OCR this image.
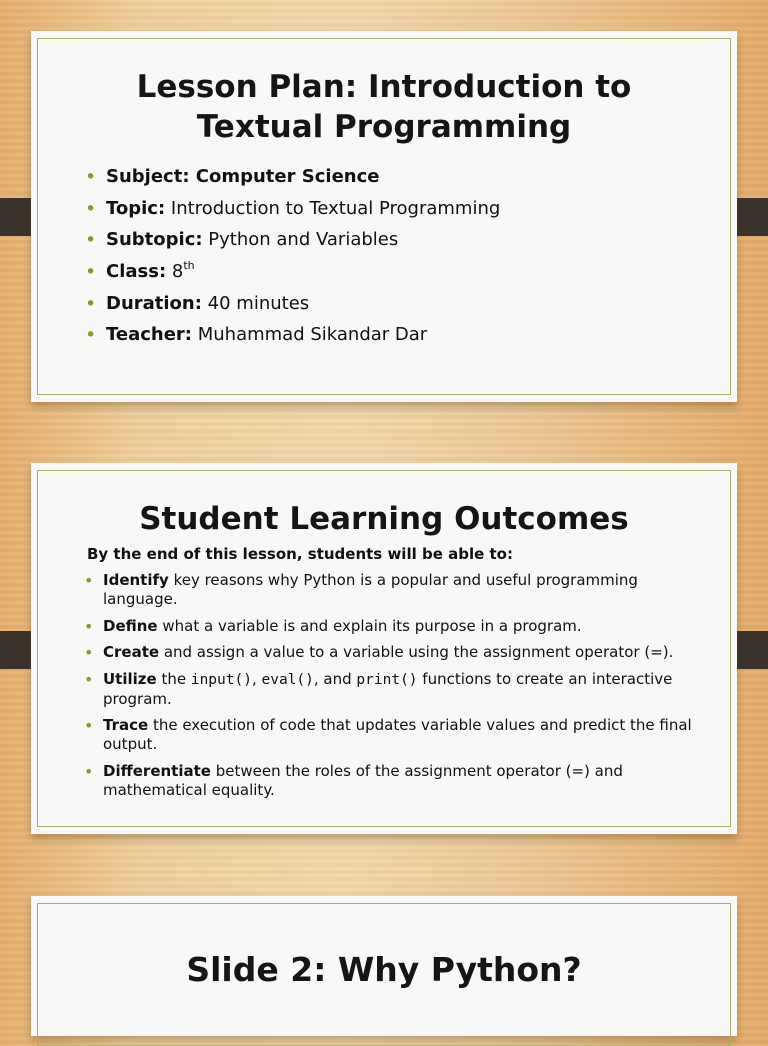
Lesson Plan: Introduction to
Textual Programming
• Subject: Computer Science
• Topic: Introduction to Textual Programming
• Subtopic: Python and Variables
• Class: 8th
• Duration: 40 minutes
• Teacher: Muhammad Sikandar Dar
Student Learning Outcomes
By the end of this lesson, students will be able to:
• Identify key reasons why Python is a popular and useful programming language.
• Define what a variable is and explain its purpose in a program.
• Create and assign a value to a variable using the assignment operator (=).
• Utilize the input(), eval(), and print() functions to create an interactive program.
• Trace the execution of code that updates variable values and predict the final output.
• Differentiate between the roles of the assignment operator (=) and mathematical equality.
Slide 2: Why Python?
